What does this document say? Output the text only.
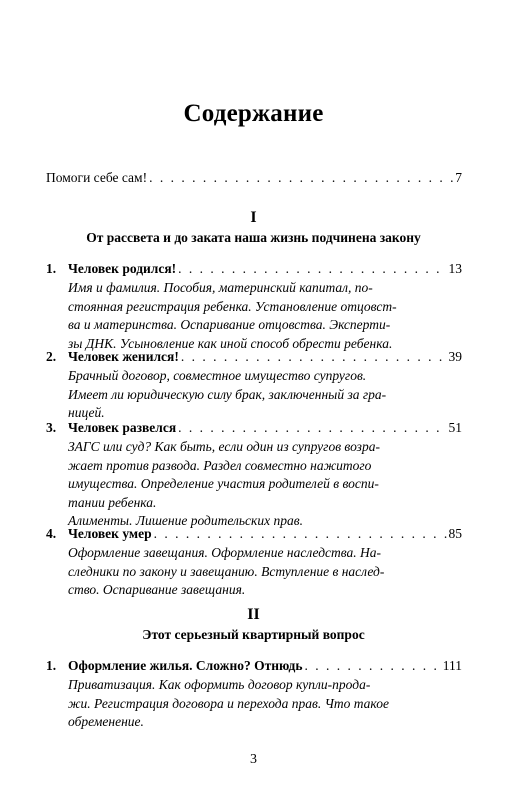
Содержание
Помоги себе сам! . . .	7
I
От рассвета и до заката наша жизнь подчинена закону
1. Человек родился! . . .	13
Имя и фамилия. Пособия, материнский капитал, по-
стоянная регистрация ребенка. Установление отцовст-
ва и материнства. Оспаривание отцовства. Эксперти-
зы ДНК. Усыновление как иной способ обрести ребенка.
2. Человек женился! . . .	39
Брачный договор, совместное имущество супругов.
Имеет ли юридическую силу брак, заключенный за гра-
ницей.
3. Человек развелся . . .	51
ЗАГС или суд? Как быть, если один из супругов возра-
жает против развода. Раздел совместно нажитого
имущества. Определение участия родителей в воспи-
тании ребенка.
Алименты. Лишение родительских прав.
4. Человек умер . . .	85
Оформление завещания. Оформление наследства. На-
следники по закону и завещанию. Вступление в наслед-
ство. Оспаривание завещания.
II
Этот серьезный квартирный вопрос
1. Оформление жилья. Сложно? Отнюдь . . .	111
Приватизация. Как оформить договор купли-прода-
жи. Регистрация договора и перехода прав. Что такое
обременение.
3
